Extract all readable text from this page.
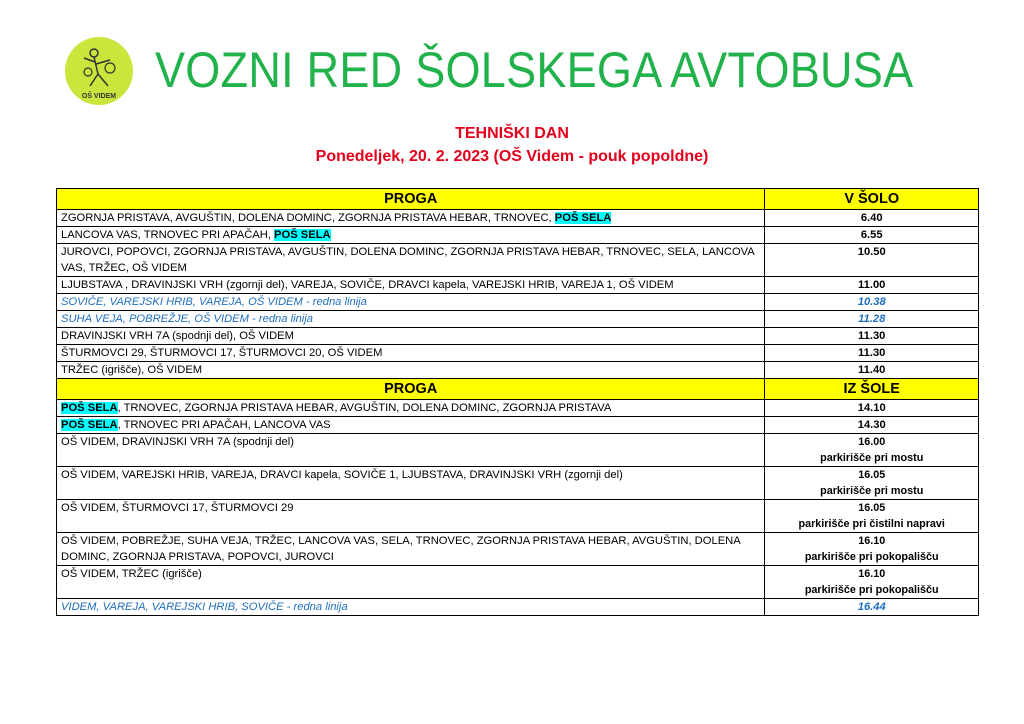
OŠ VIDEM VOZNI RED ŠOLSKEGA AVTOBUSA
TEHNIŠKI DAN
Ponedeljek, 20. 2. 2023 (OŠ Videm - pouk popoldne)
PROGA	V ŠOLO
ZGORNJA PRISTAVA, AVGUŠTIN, DOLENA DOMINC, ZGORNJA PRISTAVA HEBAR, TRNOVEC, POŠ SELA	6.40
LANCOVA VAS, TRNOVEC PRI APAČAH, POŠ SELA	6.55
JUROVCI, POPOVCI, ZGORNJA PRISTAVA, AVGUŠTIN, DOLENA DOMINC, ZGORNJA PRISTAVA HEBAR, TRNOVEC, SELA, LANCOVA VAS, TRŽEC, OŠ VIDEM	10.50
LJUBSTAVA , DRAVINJSKI VRH (zgornji del), VAREJA, SOVIČE, DRAVCI kapela, VAREJSKI HRIB, VAREJA 1, OŠ VIDEM	11.00
SOVIČE, VAREJSKI HRIB, VAREJA, OŠ VIDEM - redna linija	10.38
SUHA VEJA, POBREŽJE, OŠ VIDEM - redna linija	11.28
DRAVINJSKI VRH 7A (spodnji del), OŠ VIDEM	11.30
ŠTURMOVCI 29, ŠTURMOVCI 17, ŠTURMOVCI 20, OŠ VIDEM	11.30
TRŽEC (igrišče), OŠ VIDEM	11.40
PROGA	IZ ŠOLE
POŠ SELA, TRNOVEC, ZGORNJA PRISTAVA HEBAR, AVGUŠTIN, DOLENA DOMINC, ZGORNJA PRISTAVA	14.10
POŠ SELA, TRNOVEC PRI APAČAH, LANCOVA VAS	14.30
OŠ VIDEM, DRAVINJSKI VRH 7A (spodnji del)	16.00
parkirišče pri mostu

OŠ VIDEM, VAREJSKI HRIB, VAREJA, DRAVCI kapela, SOVIČE 1, LJUBSTAVA, DRAVINJSKI VRH (zgornji del)	16.05
parkirišče pri mostu

OŠ VIDEM, ŠTURMOVCI 17, ŠTURMOVCI 29	16.05
parkirišče pri čistilni napravi

OŠ VIDEM, POBREŽJE, SUHA VEJA, TRŽEC, LANCOVA VAS, SELA, TRNOVEC, ZGORNJA PRISTAVA HEBAR, AVGUŠTIN, DOLENA DOMINC, ZGORNJA PRISTAVA, POPOVCI, JUROVCI	16.10
parkirišče pri pokopališču

OŠ VIDEM, TRŽEC (igrišče)	16.10
parkirišče pri pokopališču

VIDEM, VAREJA, VAREJSKI HRIB, SOVIČE - redna linija	16.44
